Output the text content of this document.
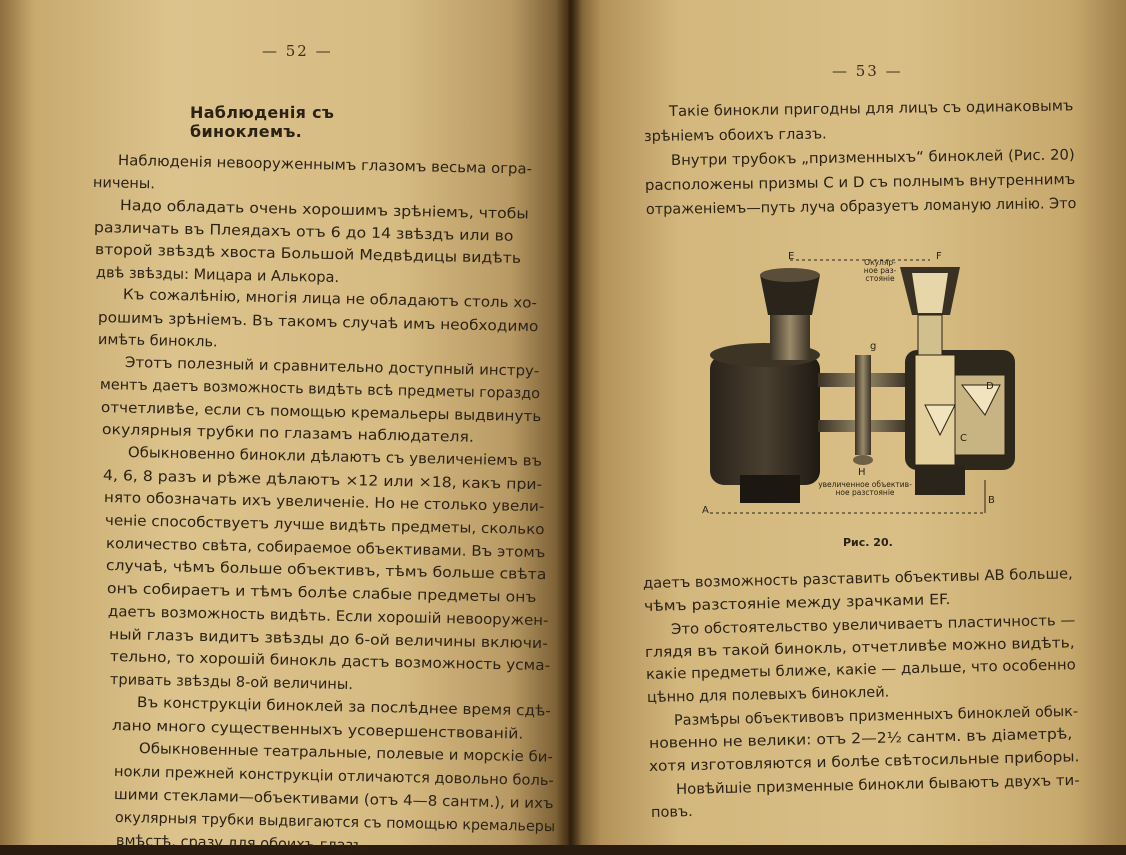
— 52 —
Наблюденія съ биноклемъ.
Наблюденія невооруженнымъ глазомъ весьма огра-
ничены.
Надо обладать очень хорошимъ зрѣніемъ, чтобы
различать въ Плеядахъ отъ 6 до 14 звѣздъ или во
второй звѣздѣ хвоста Большой Медвѣдицы видѣть
двѣ звѣзды: Мицара и Алькора.
Къ сожалѣнію, многія лица не обладаютъ столь хо-
рошимъ зрѣніемъ. Въ такомъ случаѣ имъ необходимо
имѣть бинокль.
Этотъ полезный и сравнительно доступный инстру-
ментъ даетъ возможность видѣть всѣ предметы гораздо
отчетливѣе, если съ помощью кремальеры выдвинуть
окулярныя трубки по глазамъ наблюдателя.
Обыкновенно бинокли дѣлаютъ съ увеличеніемъ въ
4, 6, 8 разъ и рѣже дѣлаютъ ×12 или ×18, какъ при-
нято обозначать ихъ увеличеніе. Но не столько увели-
ченіе способствуетъ лучше видѣть предметы, сколько
количество свѣта, собираемое объективами. Въ этомъ
случаѣ, чѣмъ больше объективъ, тѣмъ больше свѣта
онъ собираетъ и тѣмъ болѣе слабые предметы онъ
даетъ возможность видѣть. Если хорошій невооружен-
ный глазъ видитъ звѣзды до 6-ой величины включи-
тельно, то хорошій бинокль дастъ возможность усма-
тривать звѣзды 8-ой величины.
Въ конструкціи биноклей за послѣднее время сдѣ-
лано много существенныхъ усовершенствованій.
Обыкновенные театральные, полевые и морскіе би-
нокли прежней конструкціи отличаются довольно боль-
шими стеклами—объективами (отъ 4—8 сантм.), и ихъ
окулярныя трубки выдвигаются съ помощью кремальеры
вмѣстѣ, сразу для обоихъ глазъ.
— 53 —
Такіе бинокли пригодны для лицъ съ одинаковымъ
зрѣніемъ обоихъ глазъ.
Внутри трубокъ „призменныхъ“ биноклей (Рис. 20)
расположены призмы C и D съ полнымъ внутреннимъ
отраженіемъ—путь луча образуетъ ломаную линію. Это
E	F
g
D
C
H
A
B
Окуляр-
ное раз-
стояніе
увеличенное объектив-
ное разстояніе
Рис. 20.
даетъ возможность разставить объективы AB больше,
чѣмъ разстояніе между зрачками EF.
Это обстоятельство увеличиваетъ пластичность —
глядя въ такой бинокль, отчетливѣе можно видѣть,
какіе предметы ближе, какіе — дальше, что особенно
цѣнно для полевыхъ биноклей.
Размѣры объективовъ призменныхъ биноклей обык-
новенно не велики: отъ 2—2½ сантм. въ діаметрѣ,
хотя изготовляются и болѣе свѣтосильные приборы.
Новѣйшіе призменные бинокли бываютъ двухъ ти-
повъ.
